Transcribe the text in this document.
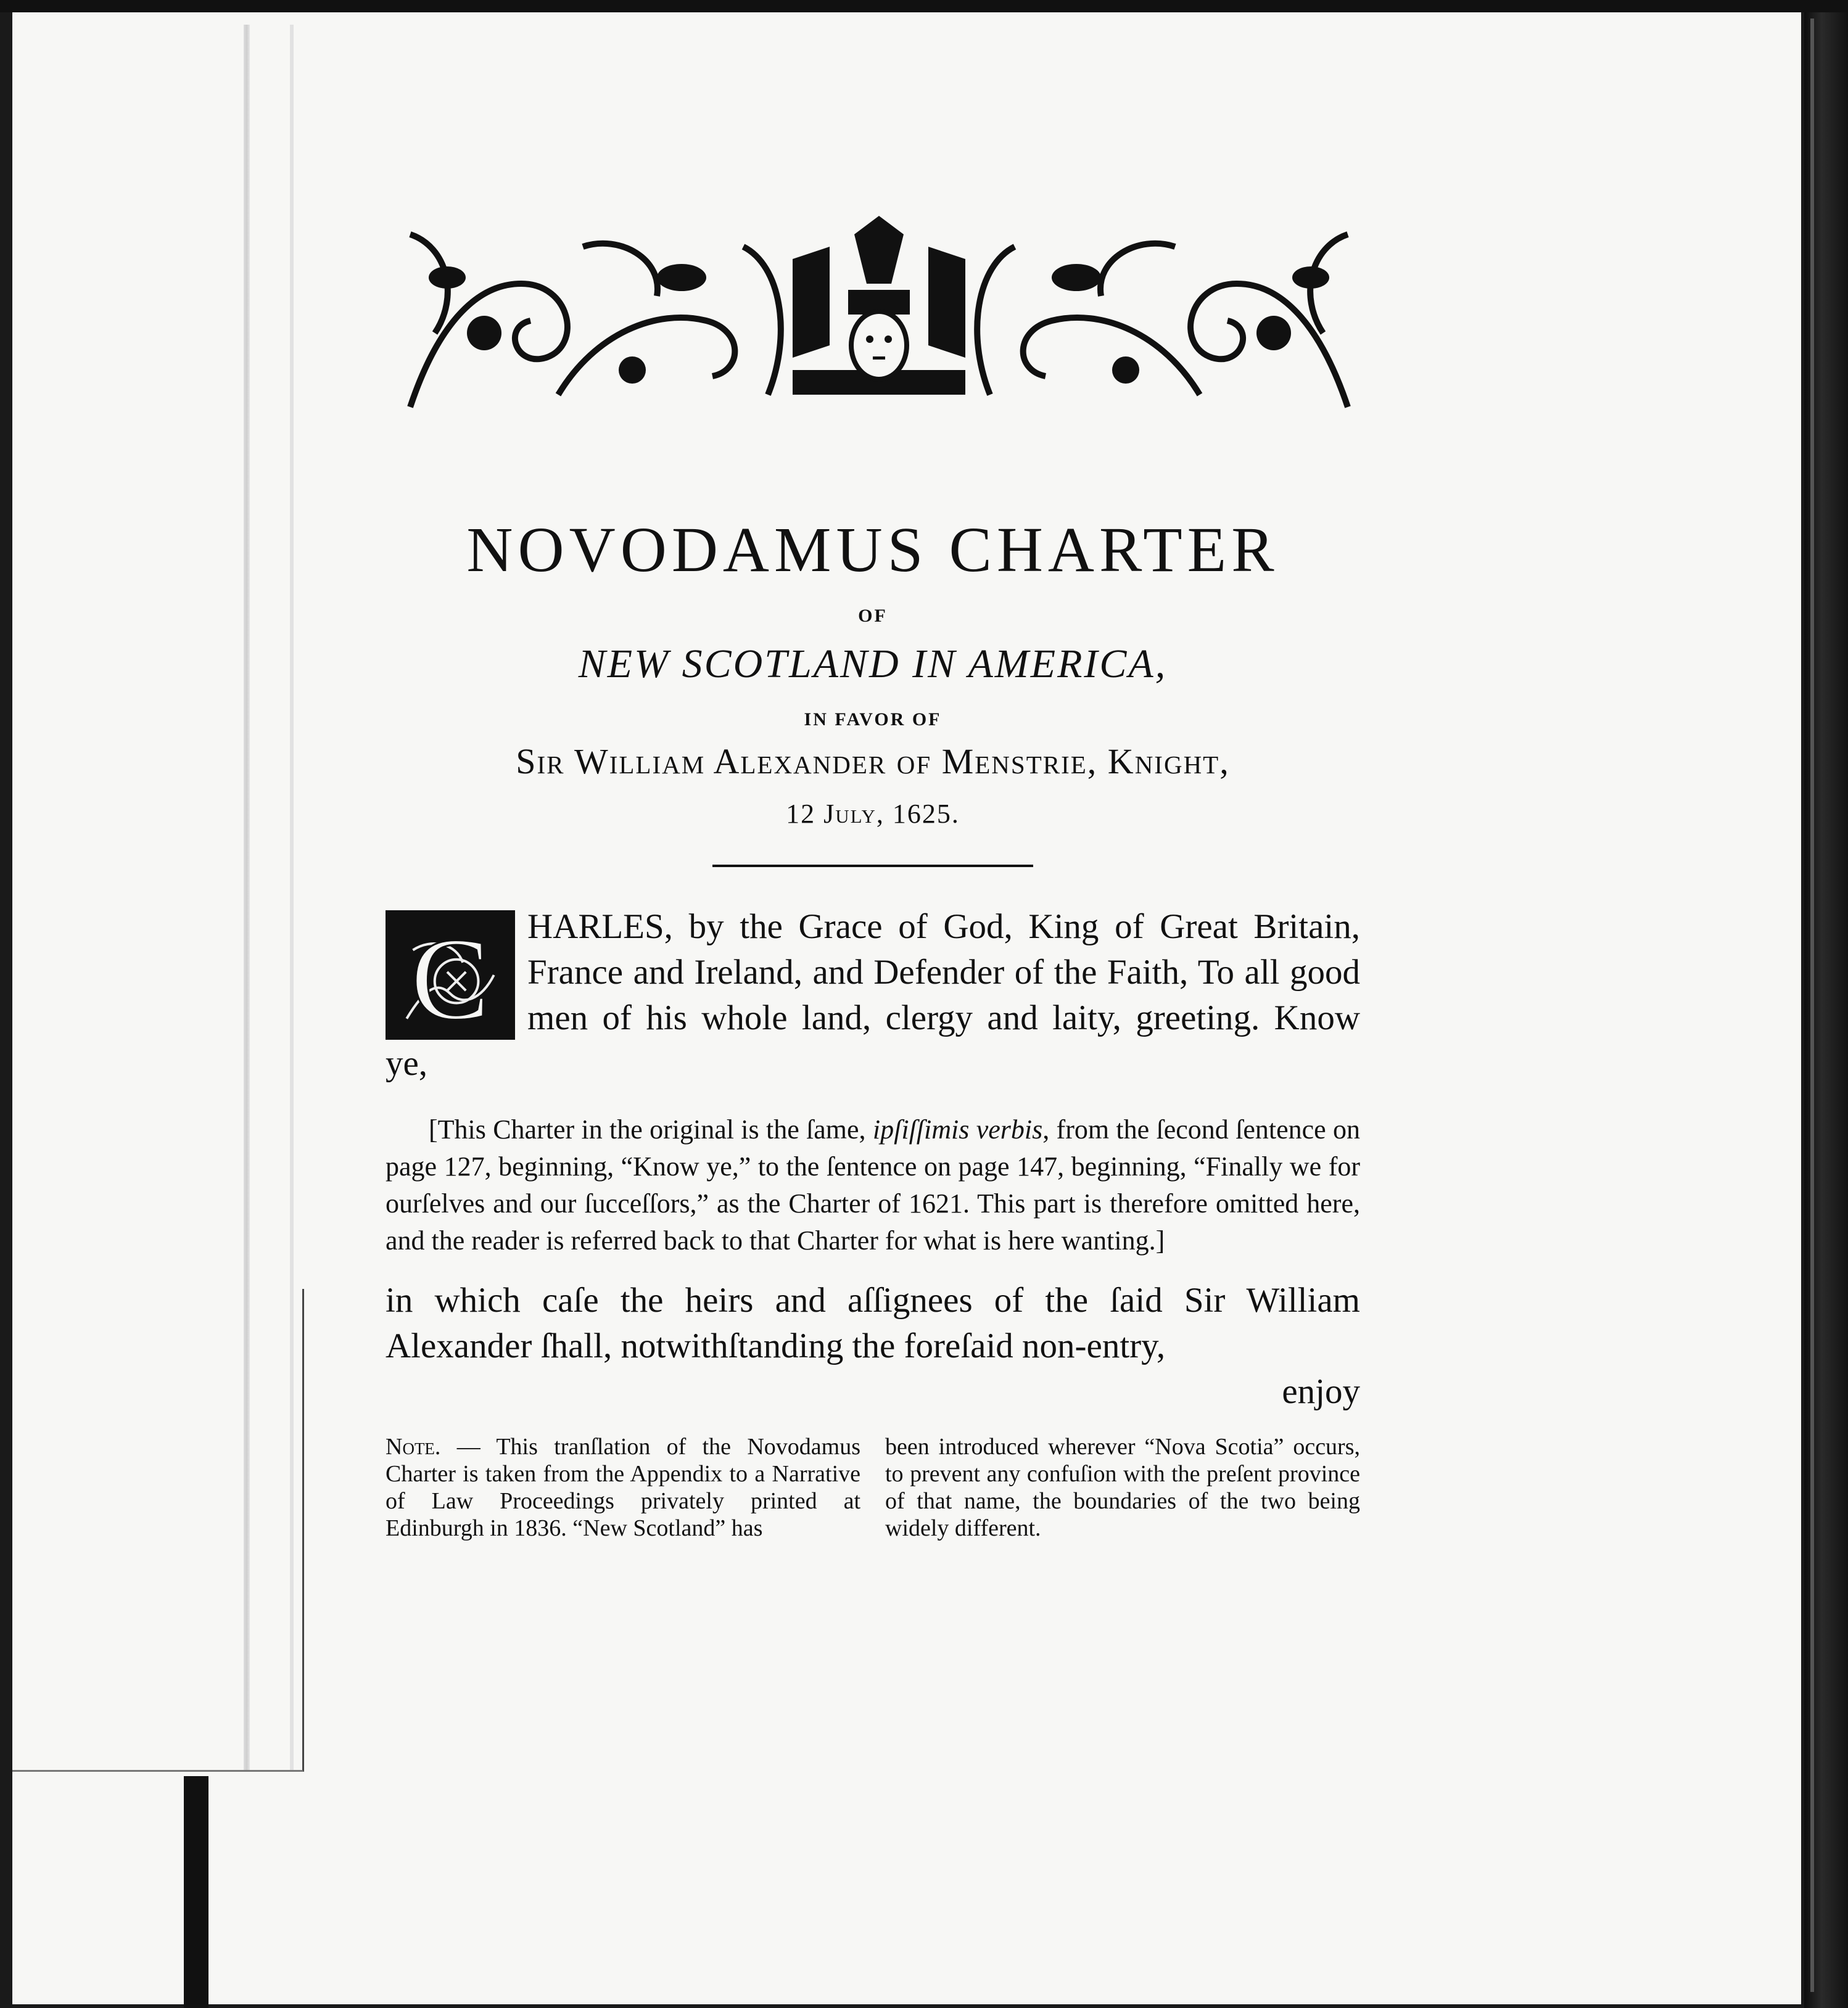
NOVODAMUS CHARTER
OF
NEW SCOTLAND IN AMERICA,
IN FAVOR OF
Sir William Alexander of Menstrie, Knight,
12 July, 1625.
C HARLES, by the Grace of God, King of Great Britain, France and Ireland, and Defender of the Faith, To all good men of his whole land, clergy and laity, greeting. Know ye,
[This Charter in the original is the ſame, ipſiſſimis verbis, from the ſecond ſentence on page 127, beginning, “Know ye,” to the ſentence on page 147, beginning, “Finally we for ourſelves and our ſucceſſors,” as the Charter of 1621. This part is therefore omitted here, and the reader is referred back to that Charter for what is here wanting.]
in which caſe the heirs and aſſignees of the ſaid Sir William Alexander ſhall, notwithſtanding the foreſaid non-entry,
enjoy
Note. — This tranſlation of the Novodamus Charter is taken from the Appendix to a Narrative of Law Proceedings privately printed at Edinburgh in 1836. “New Scotland” has
been introduced wherever “Nova Scotia” occurs, to prevent any confuſion with the preſent province of that name, the boundaries of the two being widely different.
